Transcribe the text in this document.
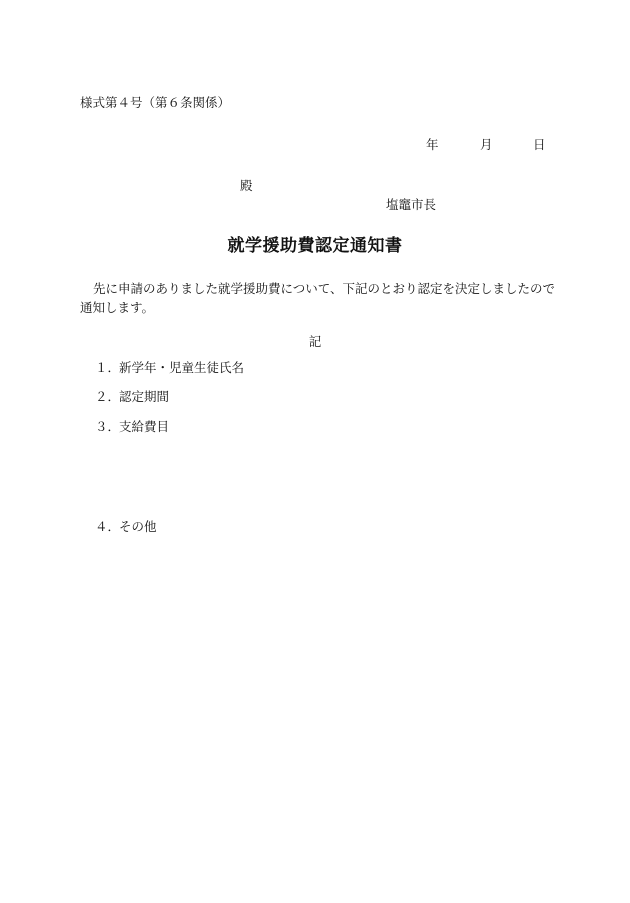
様式第４号（第６条関係）
年	月	日
殿
塩竈市長
就学援助費認定通知書
先に申請のありました就学援助費について、下記のとおり認定を決定しましたので通知します。
記
１．新学年・児童生徒氏名
２．認定期間
３．支給費目
４．その他
